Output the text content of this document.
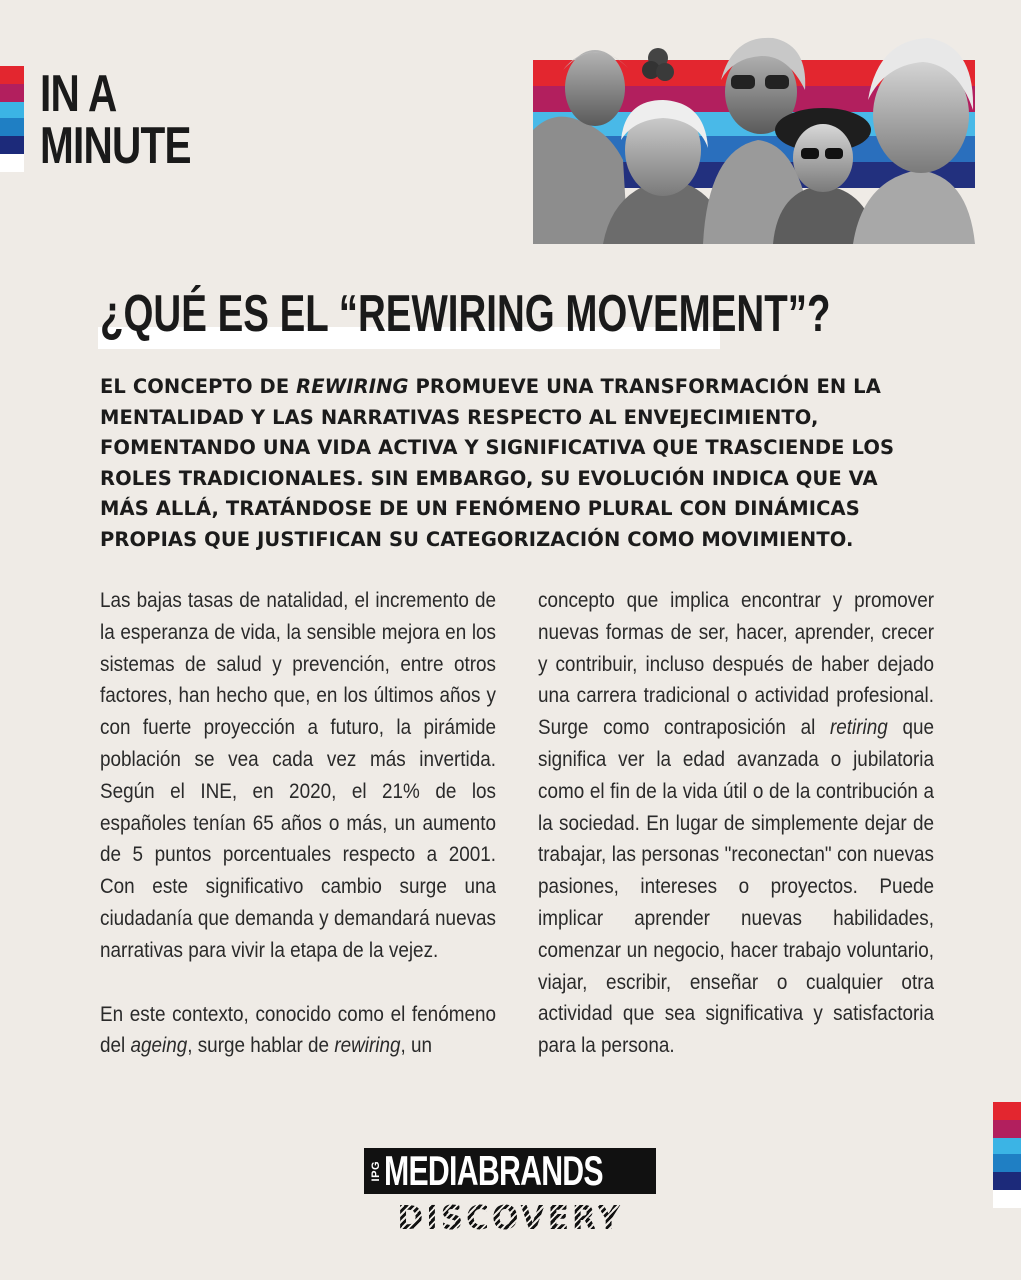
IN A
MINUTE
¿QUÉ ES EL “REWIRING MOVEMENT”?
EL CONCEPTO DE REWIRING PROMUEVE UNA TRANSFORMACIÓN EN LA MENTALIDAD Y LAS NARRATIVAS RESPECTO AL ENVEJECIMIENTO, FOMENTANDO UNA VIDA ACTIVA Y SIGNIFICATIVA QUE TRASCIENDE LOS ROLES TRADICIONALES. SIN EMBARGO, SU EVOLUCIÓN INDICA QUE VA MÁS ALLÁ, TRATÁNDOSE DE UN FENÓMENO PLURAL CON DINÁMICAS PROPIAS QUE JUSTIFICAN SU CATEGORIZACIÓN COMO MOVIMIENTO.

Las bajas tasas de natalidad, el incremento de la esperanza de vida, la sensible mejora en los sistemas de salud y prevención, entre otros factores, han hecho que, en los últimos años y con fuerte proyección a futuro, la pirámide población se vea cada vez más invertida. Según el INE, en 2020, el 21% de los españoles tenían 65 años o más, un aumento de 5 puntos porcentuales respecto a 2001. Con este significativo cambio surge una ciudadanía que demanda y demandará nuevas narrativas para vivir la etapa de la vejez.

En este contexto, conocido como el fenómeno del ageing, surge hablar de rewiring, un

concepto que implica encontrar y promover nuevas formas de ser, hacer, aprender, crecer y contribuir, incluso después de haber dejado una carrera tradicional o actividad profesional. Surge como contraposición al retiring que significa ver la edad avanzada o jubilatoria como el fin de la vida útil o de la contribución a la sociedad. En lugar de simplemente dejar de trabajar, las personas "reconectan" con nuevas pasiones, intereses o proyectos. Puede implicar aprender nuevas habilidades, comenzar un negocio, hacer trabajo voluntario, viajar, escribir, enseñar o cualquier otra actividad que sea significativa y satisfactoria para la persona.

IPG MEDIABRANDS
DISCOVERY
